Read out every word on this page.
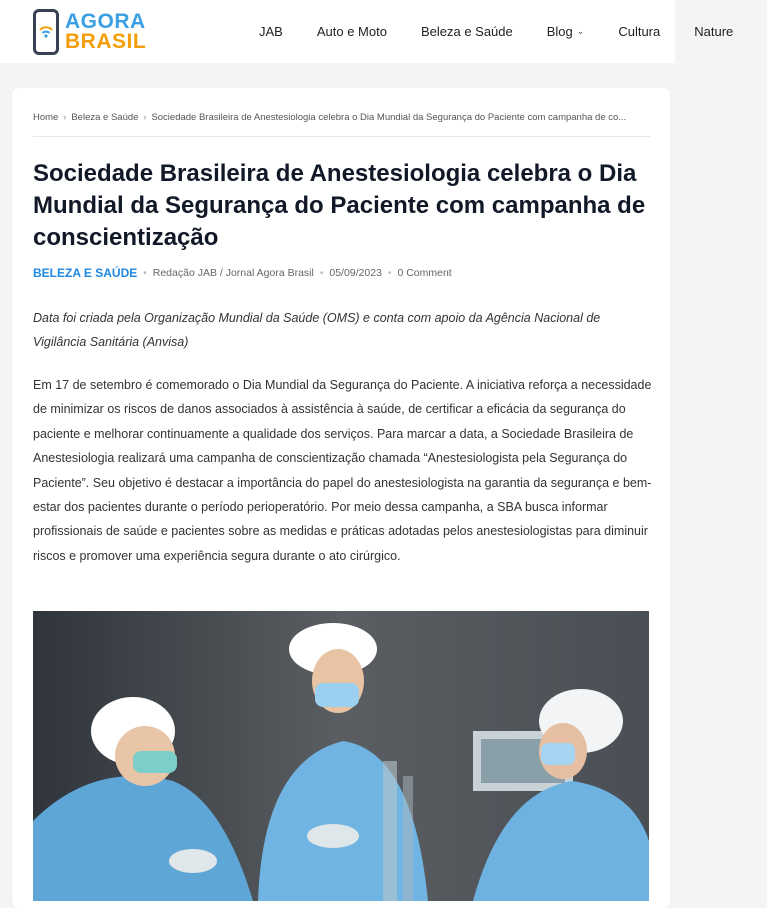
AGORA
BRASIL	JAB	Auto e Moto	Beleza e Saúde	Blog ⌄	Cultura	Nature
Home › Beleza e Saúde › Sociedade Brasileira de Anestesiologia celebra o Dia Mundial da Segurança do Paciente com campanha de co...
Sociedade Brasileira de Anestesiologia celebra o Dia Mundial da Segurança do Paciente com campanha de conscientização
BELEZA E SAÚDE • Redação JAB / Jornal Agora Brasil • 05/09/2023 • 0 Comment

Data foi criada pela Organização Mundial da Saúde (OMS) e conta com apoio da Agência Nacional de Vigilância Sanitária (Anvisa)

Em 17 de setembro é comemorado o Dia Mundial da Segurança do Paciente. A iniciativa reforça a necessidade de minimizar os riscos de danos associados à assistência à saúde, de certificar a eficácia da segurança do paciente e melhorar continuamente a qualidade dos serviços. Para marcar a data, a Sociedade Brasileira de Anestesiologia realizará uma campanha de conscientização chamada “Anestesiologista pela Segurança do Paciente”. Seu objetivo é destacar a importância do papel do anestesiologista na garantia da segurança e bem-estar dos pacientes durante o período perioperatório. Por meio dessa campanha, a SBA busca informar profissionais de saúde e pacientes sobre as medidas e práticas adotadas pelos anestesiologistas para diminuir riscos e promover uma experiência segura durante o ato cirúrgico.
